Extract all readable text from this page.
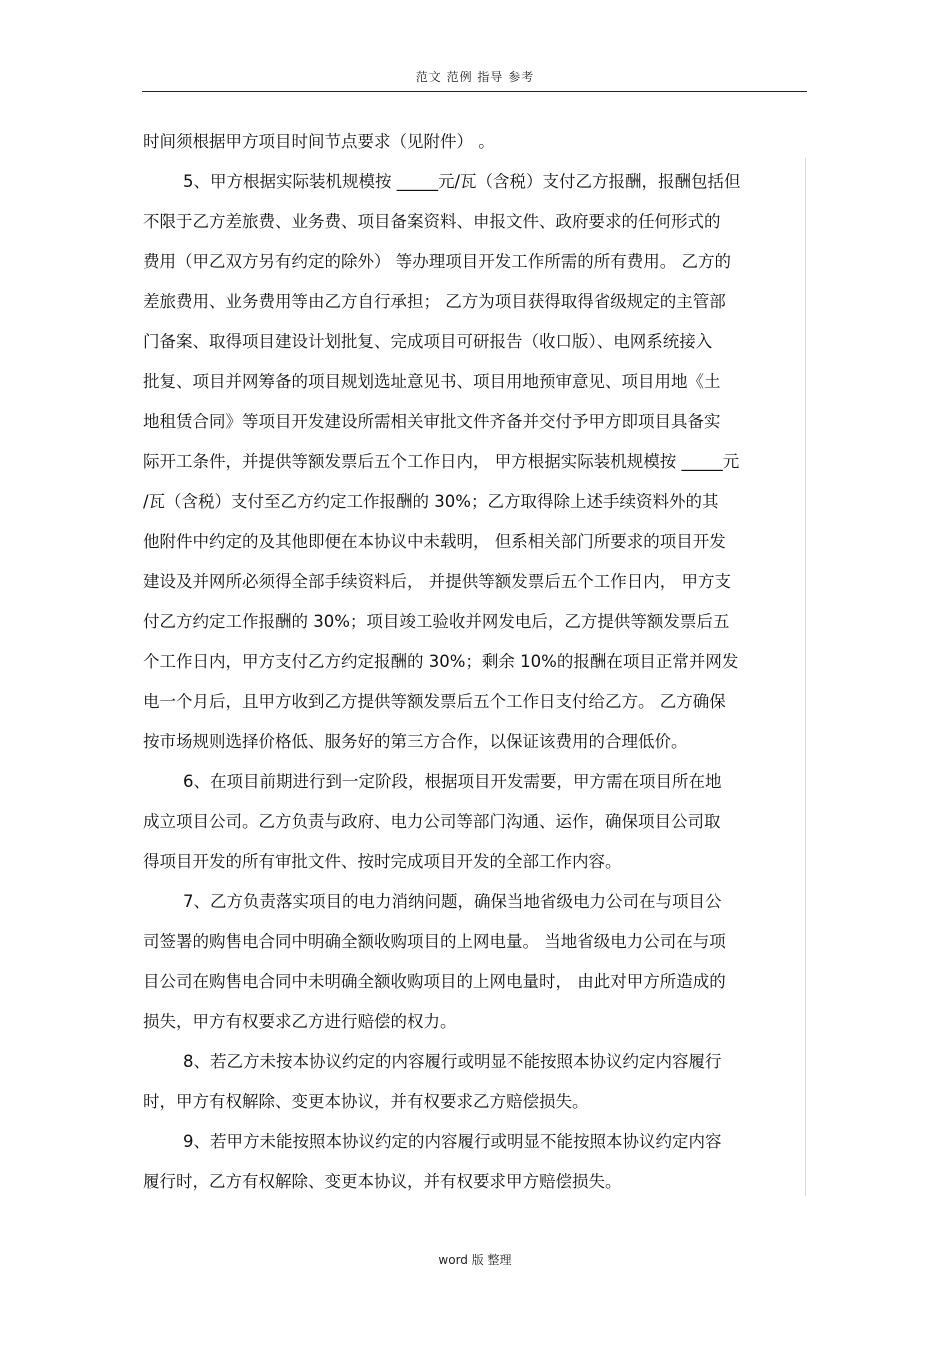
范文 范例 指导 参考
时间须根据甲方项目时间节点要求（见附件） 。
5、甲方根据实际装机规模按 _____元/瓦（含税）支付乙方报酬，报酬包括但
不限于乙方差旅费、业务费、项目备案资料、申报文件、政府要求的任何形式的
费用（甲乙双方另有约定的除外） 等办理项目开发工作所需的所有费用。 乙方的
差旅费用、业务费用等由乙方自行承担； 乙方为项目获得取得省级规定的主管部
门备案、取得项目建设计划批复、完成项目可研报告（收口版）、电网系统接入
批复、项目并网筹备的项目规划选址意见书、项目用地预审意见、项目用地《土
地租赁合同》等项目开发建设所需相关审批文件齐备并交付予甲方即项目具备实
际开工条件，并提供等额发票后五个工作日内， 甲方根据实际装机规模按 _____元
/瓦（含税）支付至乙方约定工作报酬的 30%；乙方取得除上述手续资料外的其
他附件中约定的及其他即便在本协议中未载明， 但系相关部门所要求的项目开发
建设及并网所必须得全部手续资料后， 并提供等额发票后五个工作日内， 甲方支
付乙方约定工作报酬的 30%；项目竣工验收并网发电后，乙方提供等额发票后五
个工作日内，甲方支付乙方约定报酬的 30%；剩余 10%的报酬在项目正常并网发
电一个月后，且甲方收到乙方提供等额发票后五个工作日支付给乙方。 乙方确保
按市场规则选择价格低、服务好的第三方合作，以保证该费用的合理低价。
6、在项目前期进行到一定阶段，根据项目开发需要，甲方需在项目所在地
成立项目公司。乙方负责与政府、电力公司等部门沟通、运作，确保项目公司取
得项目开发的所有审批文件、按时完成项目开发的全部工作内容。
7、乙方负责落实项目的电力消纳问题，确保当地省级电力公司在与项目公
司签署的购售电合同中明确全额收购项目的上网电量。 当地省级电力公司在与项
目公司在购售电合同中未明确全额收购项目的上网电量时， 由此对甲方所造成的
损失，甲方有权要求乙方进行赔偿的权力。
8、若乙方未按本协议约定的内容履行或明显不能按照本协议约定内容履行
时，甲方有权解除、变更本协议，并有权要求乙方赔偿损失。
9、若甲方未能按照本协议约定的内容履行或明显不能按照本协议约定内容
履行时，乙方有权解除、变更本协议，并有权要求甲方赔偿损失。
word 版 整理
